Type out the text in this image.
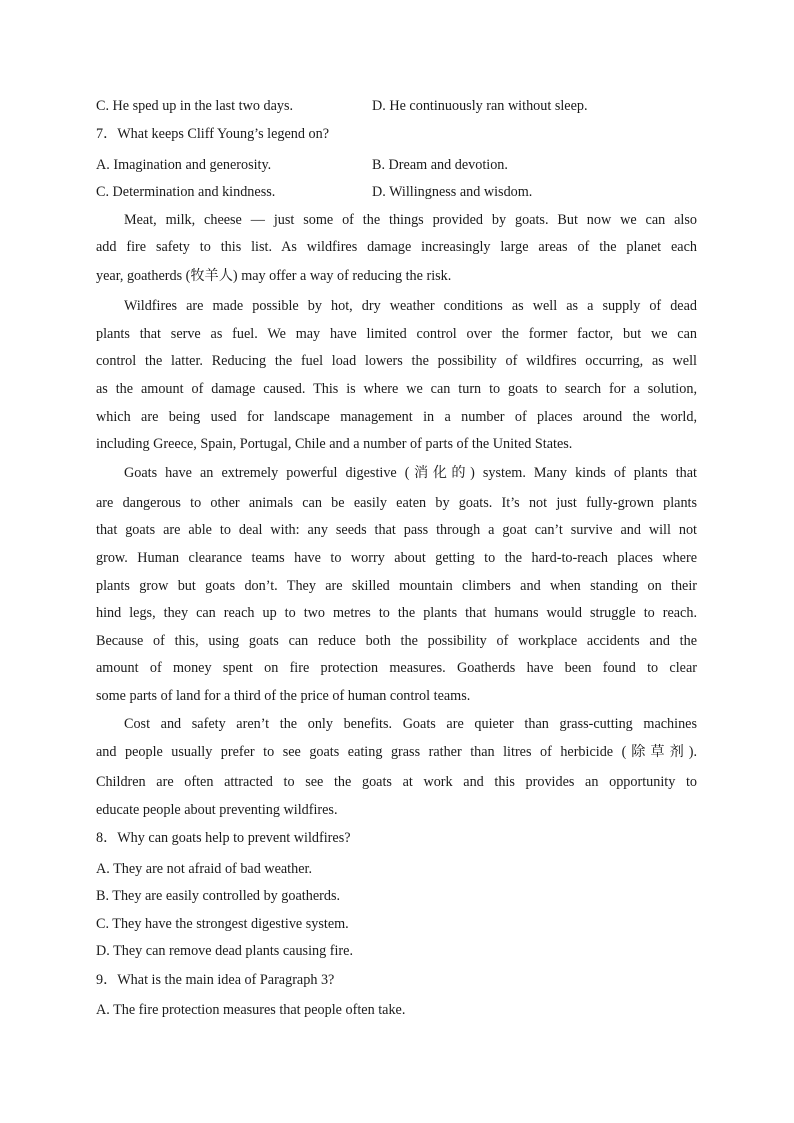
C. He sped up in the last two days.	D. He continuously ran without sleep.
7．What keeps Cliff Young’s legend on?
A. Imagination and generosity.	B. Dream and devotion.
C. Determination and kindness.	D. Willingness and wisdom.
Meat, milk, cheese — just some of the things provided by goats. But now we can also
add fire safety to this list. As wildfires damage increasingly large areas of the planet each
year, goatherds (牧羊人) may offer a way of reducing the risk.
Wildfires are made possible by hot, dry weather conditions as well as a supply of dead
plants that serve as fuel. We may have limited control over the former factor, but we can
control the latter. Reducing the fuel load lowers the possibility of wildfires occurring, as well
as the amount of damage caused. This is where we can turn to goats to search for a solution,
which are being used for landscape management in a number of places around the world,
including Greece, Spain, Portugal, Chile and a number of parts of the United States.
Goats have an extremely powerful digestive (消化的) system. Many kinds of plants that
are dangerous to other animals can be easily eaten by goats. It’s not just fully-grown plants
that goats are able to deal with: any seeds that pass through a goat can’t survive and will not
grow. Human clearance teams have to worry about getting to the hard-to-reach places where
plants grow but goats don’t. They are skilled mountain climbers and when standing on their
hind legs, they can reach up to two metres to the plants that humans would struggle to reach.
Because of this, using goats can reduce both the possibility of workplace accidents and the
amount of money spent on fire protection measures. Goatherds have been found to clear
some parts of land for a third of the price of human control teams.
Cost and safety aren’t the only benefits. Goats are quieter than grass-cutting machines
and people usually prefer to see goats eating grass rather than litres of herbicide (除草剂).
Children are often attracted to see the goats at work and this provides an opportunity to
educate people about preventing wildfires.
8．Why can goats help to prevent wildfires?
A. They are not afraid of bad weather.
B. They are easily controlled by goatherds.
C. They have the strongest digestive system.
D. They can remove dead plants causing fire.
9．What is the main idea of Paragraph 3?
A. The fire protection measures that people often take.
